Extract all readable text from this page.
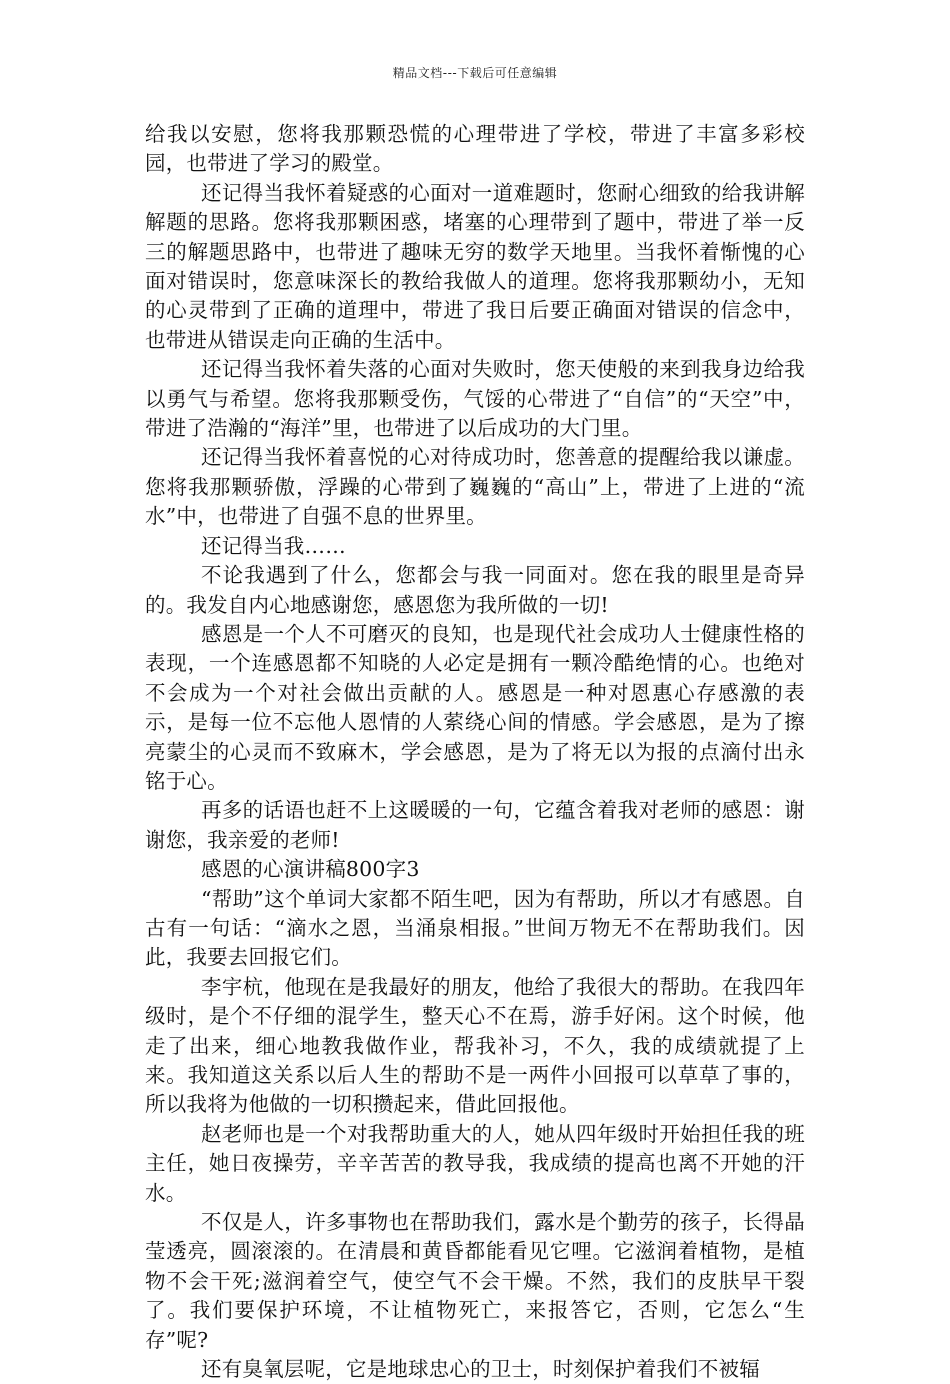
精品文档---下载后可任意编辑

给我以安慰，您将我那颗恐慌的心理带进了学校，带进了丰富多彩校园，也带进了学习的殿堂。

还记得当我怀着疑惑的心面对一道难题时，您耐心细致的给我讲解解题的思路。您将我那颗困惑，堵塞的心理带到了题中，带进了举一反三的解题思路中，也带进了趣味无穷的数学天地里。当我怀着惭愧的心面对错误时，您意味深长的教给我做人的道理。您将我那颗幼小，无知的心灵带到了正确的道理中，带进了我日后要正确面对错误的信念中，也带进从错误走向正确的生活中。

还记得当我怀着失落的心面对失败时，您天使般的来到我身边给我以勇气与希望。您将我那颗受伤，气馁的心带进了“自信”的“天空”中，带进了浩瀚的“海洋”里，也带进了以后成功的大门里。

还记得当我怀着喜悦的心对待成功时，您善意的提醒给我以谦虚。您将我那颗骄傲，浮躁的心带到了巍巍的“高山”上，带进了上进的“流水”中，也带进了自强不息的世界里。

还记得当我……

不论我遇到了什么，您都会与我一同面对。您在我的眼里是奇异的。我发自内心地感谢您，感恩您为我所做的一切!

感恩是一个人不可磨灭的良知，也是现代社会成功人士健康性格的表现，一个连感恩都不知晓的人必定是拥有一颗冷酷绝情的心。也绝对不会成为一个对社会做出贡献的人。感恩是一种对恩惠心存感激的表示，是每一位不忘他人恩情的人萦绕心间的情感。学会感恩，是为了擦亮蒙尘的心灵而不致麻木，学会感恩，是为了将无以为报的点滴付出永铭于心。

再多的话语也赶不上这暖暖的一句，它蕴含着我对老师的感恩：谢谢您，我亲爱的老师!

感恩的心演讲稿800字3

“帮助”这个单词大家都不陌生吧，因为有帮助，所以才有感恩。自古有一句话：“滴水之恩，当涌泉相报。”世间万物无不在帮助我们。因此，我要去回报它们。

李宇杭，他现在是我最好的朋友，他给了我很大的帮助。在我四年级时，是个不仔细的混学生，整天心不在焉，游手好闲。这个时候，他走了出来，细心地教我做作业，帮我补习，不久，我的成绩就提了上来。我知道这关系以后人生的帮助不是一两件小回报可以草草了事的，所以我将为他做的一切积攒起来，借此回报他。

赵老师也是一个对我帮助重大的人，她从四年级时开始担任我的班主任，她日夜操劳，辛辛苦苦的教导我，我成绩的提高也离不开她的汗水。

不仅是人，许多事物也在帮助我们，露水是个勤劳的孩子，长得晶莹透亮，圆滚滚的。在清晨和黄昏都能看见它哩。它滋润着植物，是植物不会干死;滋润着空气，使空气不会干燥。不然，我们的皮肤早干裂了。我们要保护环境，不让植物死亡，来报答它，否则，它怎么“生存”呢?

还有臭氧层呢，它是地球忠心的卫士，时刻保护着我们不被辐
